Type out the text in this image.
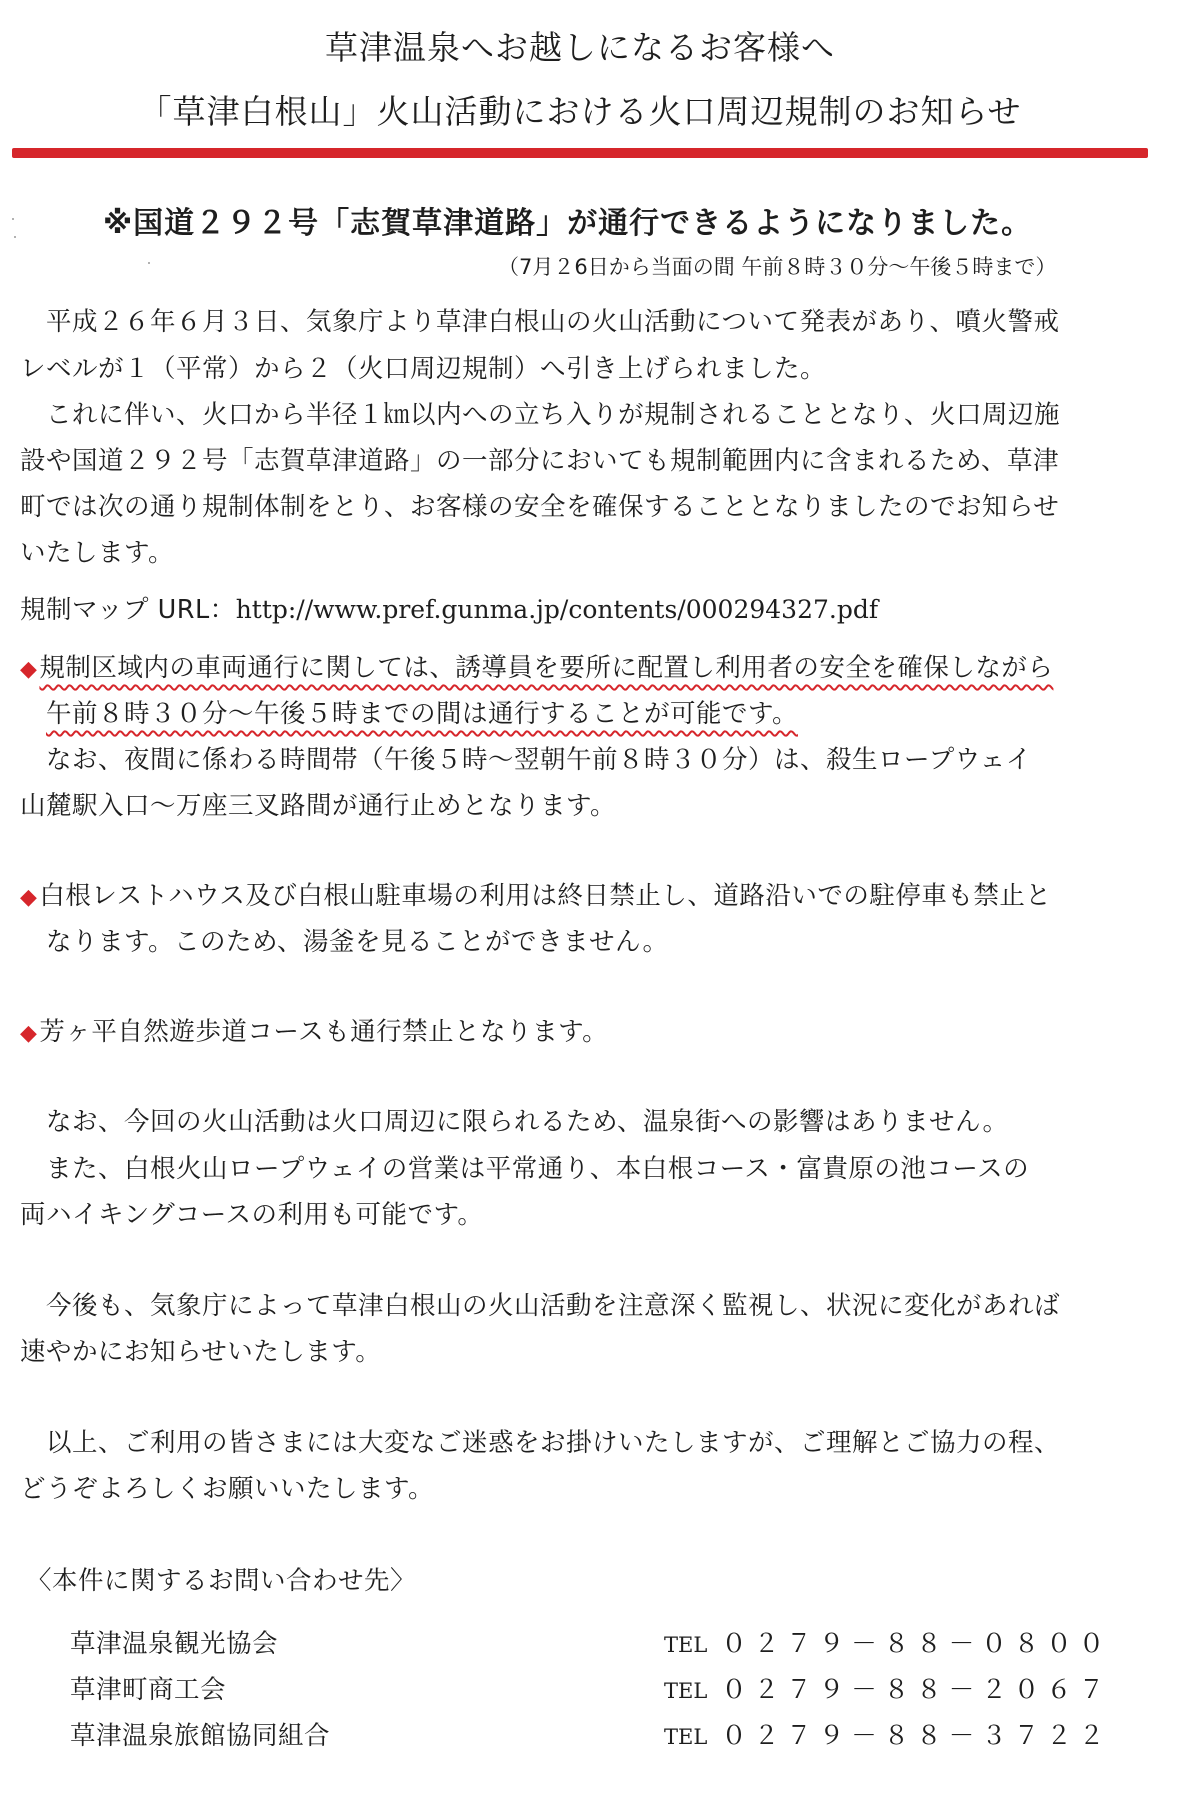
草津温泉へお越しになるお客様へ
「草津白根山」火山活動における火口周辺規制のお知らせ
※国道２９２号「志賀草津道路」が通行できるようになりました。
（7月２6日から当面の間 午前８時３０分～午後５時まで）
平成２６年６月３日、気象庁より草津白根山の火山活動について発表があり、噴火警戒
レベルが１（平常）から２（火口周辺規制）へ引き上げられました。
これに伴い、火口から半径１㎞以内への立ち入りが規制されることとなり、火口周辺施
設や国道２９２号「志賀草津道路」の一部分においても規制範囲内に含まれるため、草津
町では次の通り規制体制をとり、お客様の安全を確保することとなりましたのでお知らせ
いたします。
規制マップ URL：http://www.pref.gunma.jp/contents/000294327.pdf
◆規制区域内の車両通行に関しては、誘導員を要所に配置し利用者の安全を確保しながら
午前８時３０分～午後５時までの間は通行することが可能です。
なお、夜間に係わる時間帯（午後５時～翌朝午前８時３０分）は、殺生ロープウェイ
山麓駅入口～万座三叉路間が通行止めとなります。
◆白根レストハウス及び白根山駐車場の利用は終日禁止し、道路沿いでの駐停車も禁止と
なります。このため、湯釜を見ることができません。
◆芳ヶ平自然遊歩道コースも通行禁止となります。
なお、今回の火山活動は火口周辺に限られるため、温泉街への影響はありません。
また、白根火山ロープウェイの営業は平常通り、本白根コース・富貴原の池コースの
両ハイキングコースの利用も可能です。
今後も、気象庁によって草津白根山の火山活動を注意深く監視し、状況に変化があれば
速やかにお知らせいたします。
以上、ご利用の皆さまには大変なご迷惑をお掛けいたしますが、ご理解とご協力の程、
どうぞよろしくお願いいたします。
〈本件に関するお問い合わせ先〉
草津温泉観光協会	TEL ０２７９－８８－０８００
草津町商工会	TEL ０２７９－８８－２０６７
草津温泉旅館協同組合	TEL ０２７９－８８－３７２２
